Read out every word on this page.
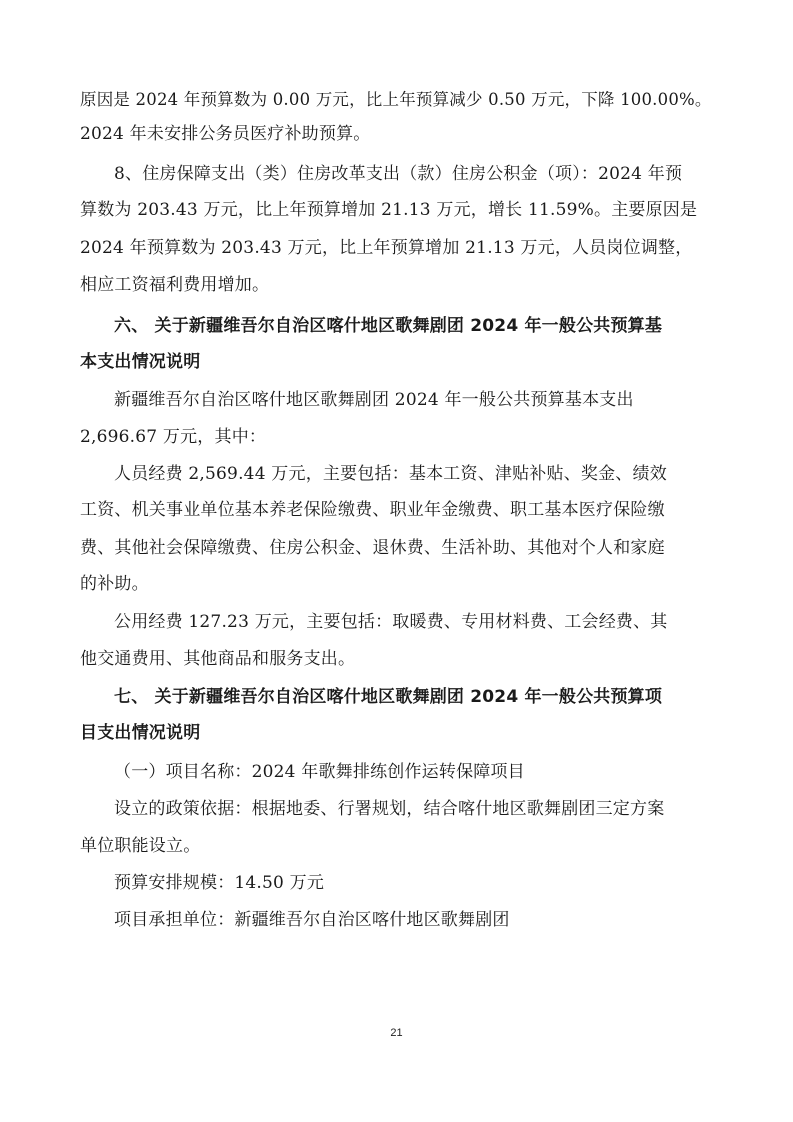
原因是 2024 年预算数为 0.00 万元，比上年预算减少 0.50 万元，下降 100.00%。
2024 年未安排公务员医疗补助预算。
8、住房保障支出（类）住房改革支出（款）住房公积金（项）：2024 年预
算数为 203.43 万元，比上年预算增加 21.13 万元，增长 11.59%。主要原因是
2024 年预算数为 203.43 万元，比上年预算增加 21.13 万元，人员岗位调整，
相应工资福利费用增加。
六、 关于新疆维吾尔自治区喀什地区歌舞剧团 2024 年一般公共预算基
本支出情况说明
新疆维吾尔自治区喀什地区歌舞剧团 2024 年一般公共预算基本支出
2,696.67 万元，其中：
人员经费 2,569.44 万元，主要包括：基本工资、津贴补贴、奖金、绩效
工资、机关事业单位基本养老保险缴费、职业年金缴费、职工基本医疗保险缴
费、其他社会保障缴费、住房公积金、退休费、生活补助、其他对个人和家庭
的补助。
公用经费 127.23 万元，主要包括：取暖费、专用材料费、工会经费、其
他交通费用、其他商品和服务支出。
七、 关于新疆维吾尔自治区喀什地区歌舞剧团 2024 年一般公共预算项
目支出情况说明
（一）项目名称：2024 年歌舞排练创作运转保障项目
设立的政策依据：根据地委、行署规划，结合喀什地区歌舞剧团三定方案
单位职能设立。
预算安排规模：14.50 万元
项目承担单位：新疆维吾尔自治区喀什地区歌舞剧团
21
